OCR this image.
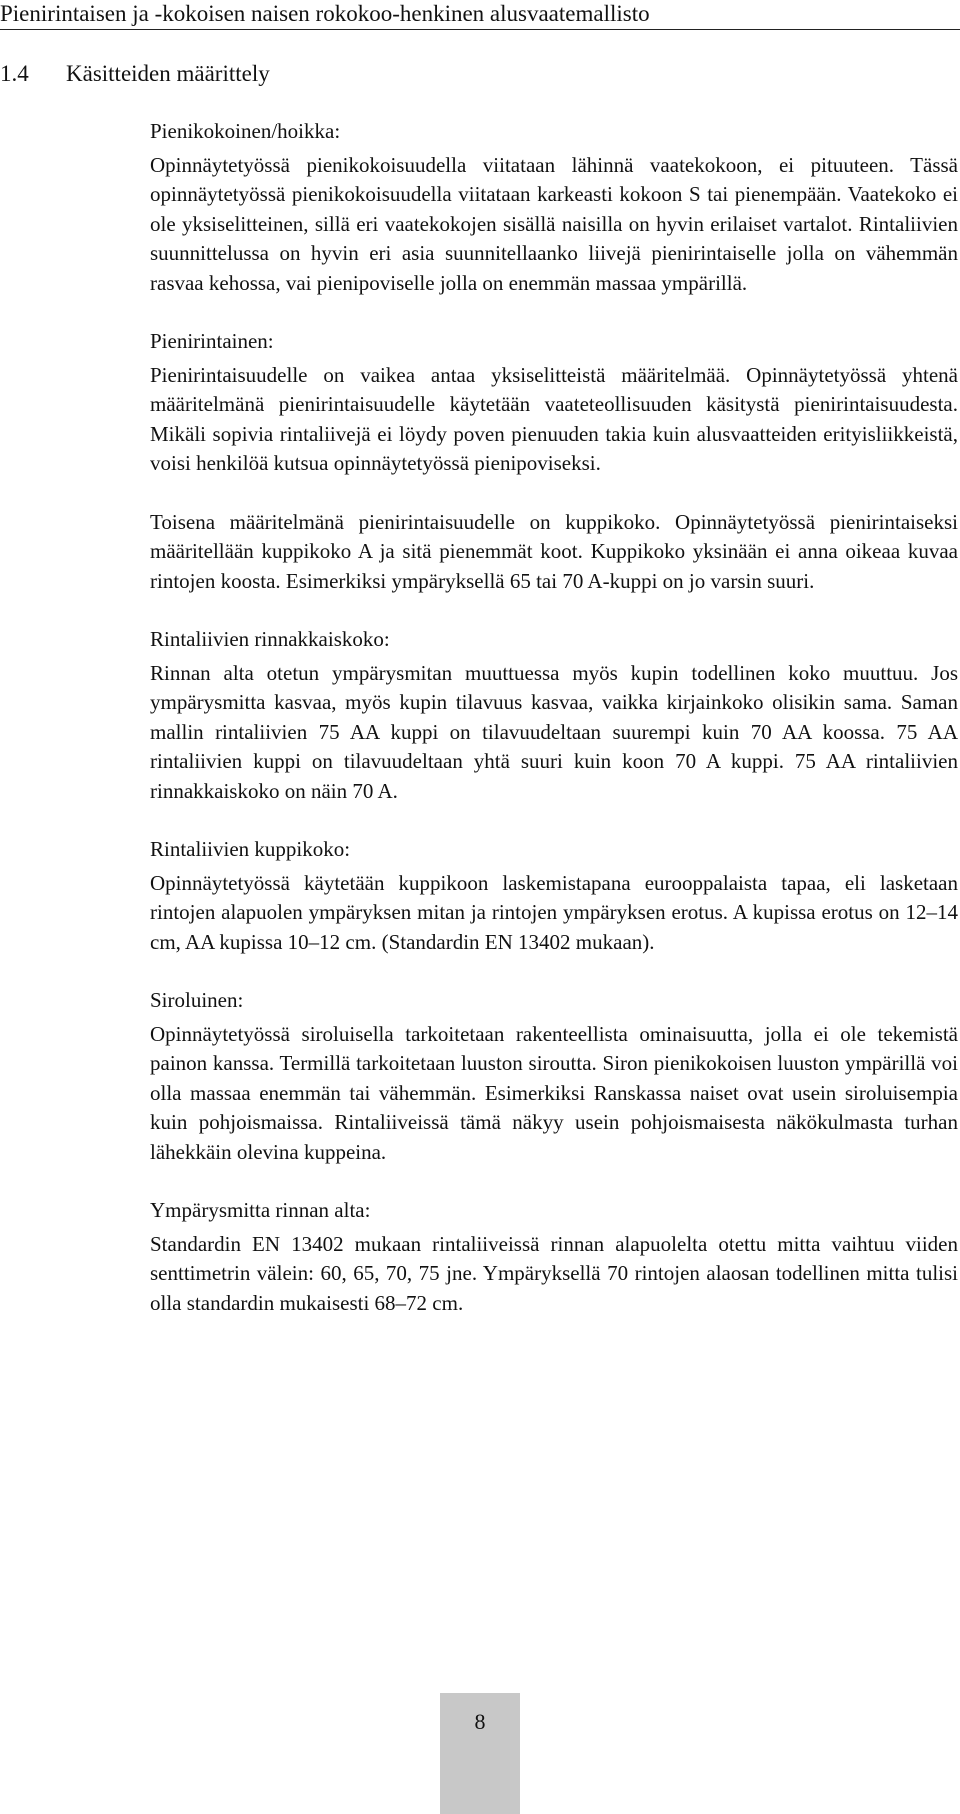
Pienirintaisen ja -kokoisen naisen rokokoo-henkinen alusvaatemallisto
1.4 Käsitteiden määrittely

Pienikokoinen/hoikka:

Opinnäytetyössä pienikokoisuudella viitataan lähinnä vaatekokoon, ei pituuteen. Tässä opinnäytetyössä pienikokoisuudella viitataan karkeasti kokoon S tai pienempään. Vaatekoko ei ole yksiselitteinen, sillä eri vaatekokojen sisällä naisilla on hyvin erilaiset vartalot. Rintaliivien suunnittelussa on hyvin eri asia suunnitellaanko liivejä pienirintaiselle jolla on vähemmän rasvaa kehossa, vai pienipoviselle jolla on enemmän massaa ympärillä.

Pienirintainen:

Pienirintaisuudelle on vaikea antaa yksiselitteistä määritelmää. Opinnäytetyössä yhtenä määritelmänä pienirintaisuudelle käytetään vaateteollisuuden käsitystä pienirintaisuudesta. Mikäli sopivia rintaliivejä ei löydy poven pienuuden takia kuin alusvaatteiden erityisliikkeistä, voisi henkilöä kutsua opinnäytetyössä pienipoviseksi.

Toisena määritelmänä pienirintaisuudelle on kuppikoko. Opinnäytetyössä pienirintaiseksi määritellään kuppikoko A ja sitä pienemmät koot. Kuppikoko yksinään ei anna oikeaa kuvaa rintojen koosta. Esimerkiksi ympäryksellä 65 tai 70 A-kuppi on jo varsin suuri.

Rintaliivien rinnakkaiskoko:

Rinnan alta otetun ympärysmitan muuttuessa myös kupin todellinen koko muuttuu. Jos ympärysmitta kasvaa, myös kupin tilavuus kasvaa, vaikka kirjainkoko olisikin sama. Saman mallin rintaliivien 75 AA kuppi on tilavuudeltaan suurempi kuin 70 AA koossa. 75 AA rintaliivien kuppi on tilavuudeltaan yhtä suuri kuin koon 70 A kuppi. 75 AA rintaliivien rinnakkaiskoko on näin 70 A.

Rintaliivien kuppikoko:

Opinnäytetyössä käytetään kuppikoon laskemistapana eurooppalaista tapaa, eli lasketaan rintojen alapuolen ympäryksen mitan ja rintojen ympäryksen erotus. A kupissa erotus on 12–14 cm, AA kupissa 10–12 cm. (Standardin EN 13402 mukaan).

Siroluinen:

Opinnäytetyössä siroluisella tarkoitetaan rakenteellista ominaisuutta, jolla ei ole tekemistä painon kanssa. Termillä tarkoitetaan luuston sirouttа. Siron pienikokoisen luuston ympärillä voi olla massaa enemmän tai vähemmän. Esimerkiksi Ranskassa naiset ovat usein siroluisempia kuin pohjoismaissa. Rintaliiveissä tämä näkyy usein pohjoismaisesta näkökulmasta turhan lähekkäin olevina kuppeina.

Ympärysmitta rinnan alta:

Standardin EN 13402 mukaan rintaliiveissä rinnan alapuolelta otettu mitta vaihtuu viiden senttimetrin välein: 60, 65, 70, 75 jne. Ympäryksellä 70 rintojen alaosan todellinen mitta tulisi olla standardin mukaisesti 68–72 cm.

8
